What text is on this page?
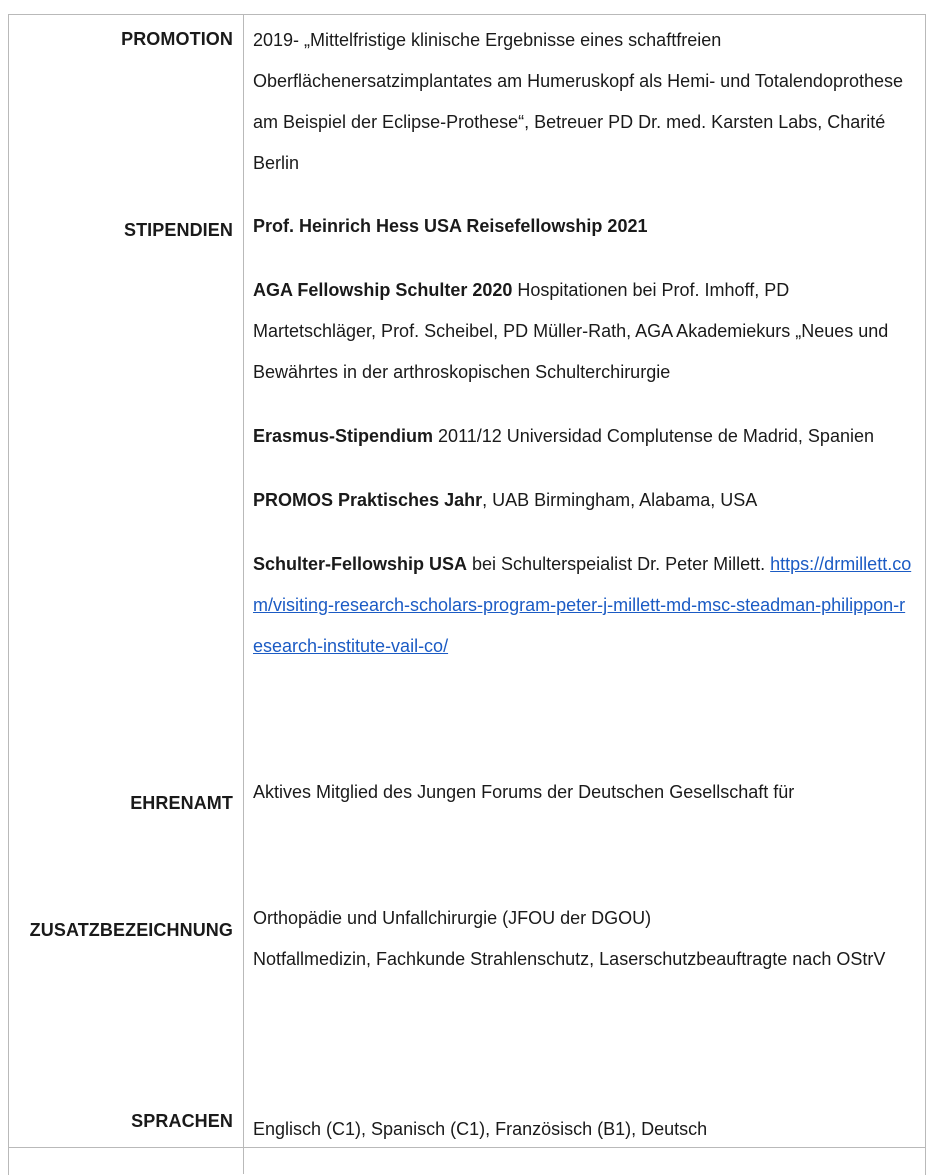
PROMOTION
STIPENDIEN
EHRENAMT
ZUSATZBEZEICHNUNG
SPRACHEN

2019- „Mittelfristige klinische Ergebnisse eines schaftfreien Oberflächenersatzimplantates am Humeruskopf als Hemi- und Totalendoprothese am Beispiel der Eclipse-Prothese“, Betreuer PD Dr. med. Karsten Labs, Charité Berlin

Prof. Heinrich Hess USA Reisefellowship 2021

AGA Fellowship Schulter 2020 Hospitationen bei Prof. Imhoff, PD Martetschläger, Prof. Scheibel, PD Müller-Rath, AGA Akademiekurs „Neues und Bewährtes in der arthroskopischen Schulterchirurgie

Erasmus-Stipendium 2011/12 Universidad Complutense de Madrid, Spanien

PROMOS Praktisches Jahr, UAB Birmingham, Alabama, USA

Schulter-Fellowship USA bei Schulterspeialist Dr. Peter Millett. https://drmillett.com/visiting-research-scholars-program-peter-j-millett-md-msc-steadman-philippon-research-institute-vail-co/

Aktives Mitglied des Jungen Forums der Deutschen Gesellschaft für

Orthopädie und Unfallchirurgie (JFOU der DGOU)

Notfallmedizin, Fachkunde Strahlenschutz, Laserschutzbeauftragte nach OStrV

Englisch (C1), Spanisch (C1), Französisch (B1), Deutsch
